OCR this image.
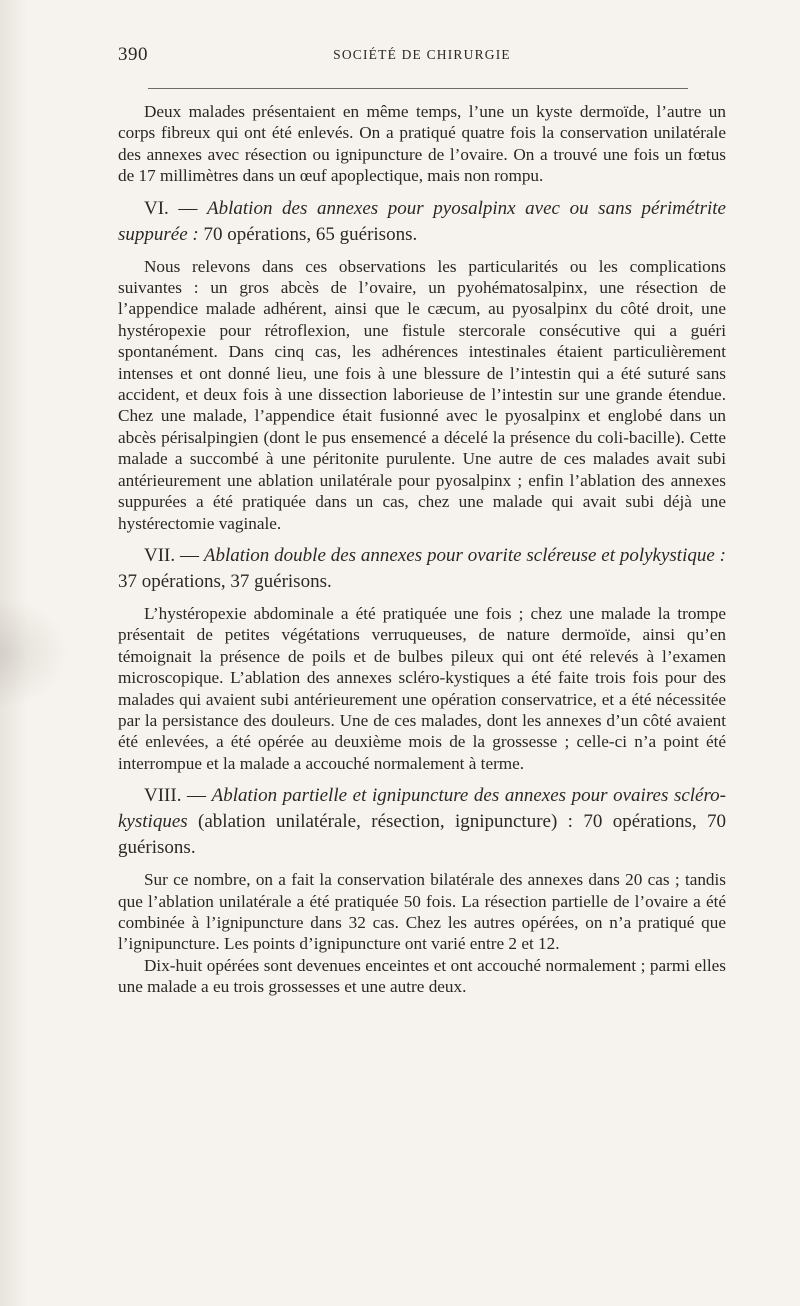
390	SOCIÉTÉ DE CHIRURGIE

Deux malades présentaient en même temps, l’une un kyste dermoïde, l’autre un corps fibreux qui ont été enlevés. On a pratiqué quatre fois la conservation unilatérale des annexes avec résection ou ignipuncture de l’ovaire. On a trouvé une fois un fœtus de 17 millimètres dans un œuf apoplectique, mais non rompu.

VI. — Ablation des annexes pour pyosalpinx avec ou sans périmétrite suppurée : 70 opérations, 65 guérisons.

Nous relevons dans ces observations les particularités ou les complications suivantes : un gros abcès de l’ovaire, un pyohématosalpinx, une résection de l’appendice malade adhérent, ainsi que le cæcum, au pyosalpinx du côté droit, une hystéropexie pour rétroflexion, une fistule stercorale consécutive qui a guéri spontanément. Dans cinq cas, les adhérences intestinales étaient particulièrement intenses et ont donné lieu, une fois à une blessure de l’intestin qui a été suturé sans accident, et deux fois à une dissection laborieuse de l’intestin sur une grande étendue. Chez une malade, l’appendice était fusionné avec le pyosalpinx et englobé dans un abcès périsalpingien (dont le pus ensemencé a décelé la présence du coli-bacille). Cette malade a succombé à une péritonite purulente. Une autre de ces malades avait subi antérieurement une ablation unilatérale pour pyosalpinx ; enfin l’ablation des annexes suppurées a été pratiquée dans un cas, chez une malade qui avait subi déjà une hystérectomie vaginale.

VII. — Ablation double des annexes pour ovarite scléreuse et polykystique : 37 opérations, 37 guérisons.

L’hystéropexie abdominale a été pratiquée une fois ; chez une malade la trompe présentait de petites végétations verruqueuses, de nature dermoïde, ainsi qu’en témoignait la présence de poils et de bulbes pileux qui ont été relevés à l’examen microscopique. L’ablation des annexes scléro-kystiques a été faite trois fois pour des malades qui avaient subi antérieurement une opération conservatrice, et a été nécessitée par la persistance des douleurs. Une de ces malades, dont les annexes d’un côté avaient été enlevées, a été opérée au deuxième mois de la grossesse ; celle-ci n’a point été interrompue et la malade a accouché normalement à terme.

VIII. — Ablation partielle et ignipuncture des annexes pour ovaires scléro-kystiques (ablation unilatérale, résection, ignipuncture) : 70 opérations, 70 guérisons.

Sur ce nombre, on a fait la conservation bilatérale des annexes dans 20 cas ; tandis que l’ablation unilatérale a été pratiquée 50 fois. La résection partielle de l’ovaire a été combinée à l’ignipuncture dans 32 cas. Chez les autres opérées, on n’a pratiqué que l’ignipuncture. Les points d’ignipuncture ont varié entre 2 et 12.

Dix-huit opérées sont devenues enceintes et ont accouché normalement ; parmi elles une malade a eu trois grossesses et une autre deux.
